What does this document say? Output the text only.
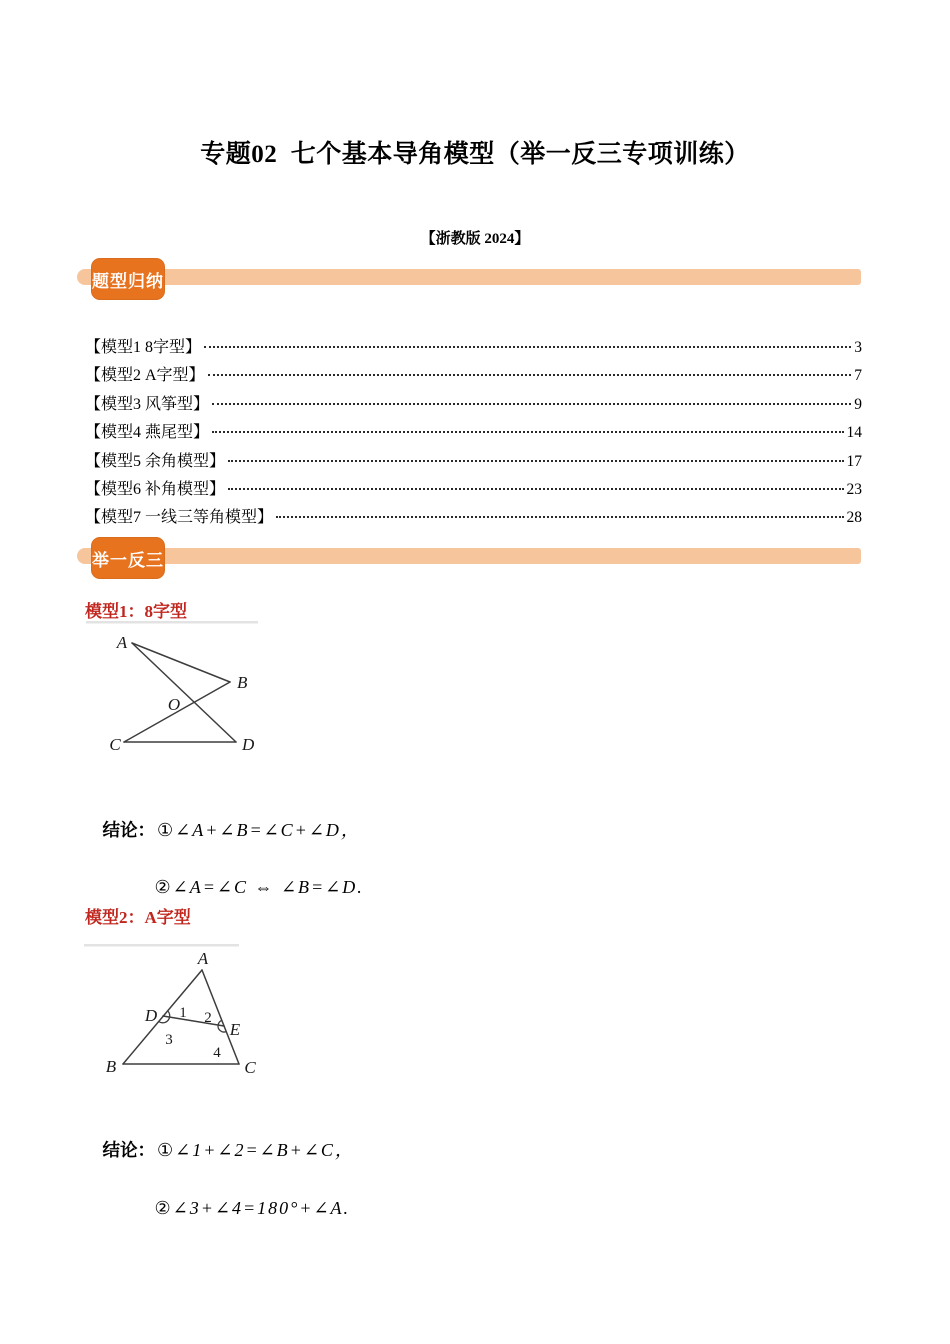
专题02  七个基本导角模型（举一反三专项训练）
【浙教版 2024】
题型归纳
【模型1 8字型】	3
【模型2 A字型】	7
【模型3 风筝型】	9
【模型4 燕尾型】	14
【模型5 余角模型】	17
【模型6 补角模型】	23
【模型7 一线三等角模型】	28
举一反三
模型1：8字型
A
B
O
C	D

结论： ① ∠A+∠B=∠C+∠D，

② ∠A=∠C ⇔ ∠B=∠D.

模型2：A字型
A
B	C
D
E
1 2
3
4

结论： ① ∠1+∠2=∠B+∠C，

② ∠3+∠4=180°+∠A.
